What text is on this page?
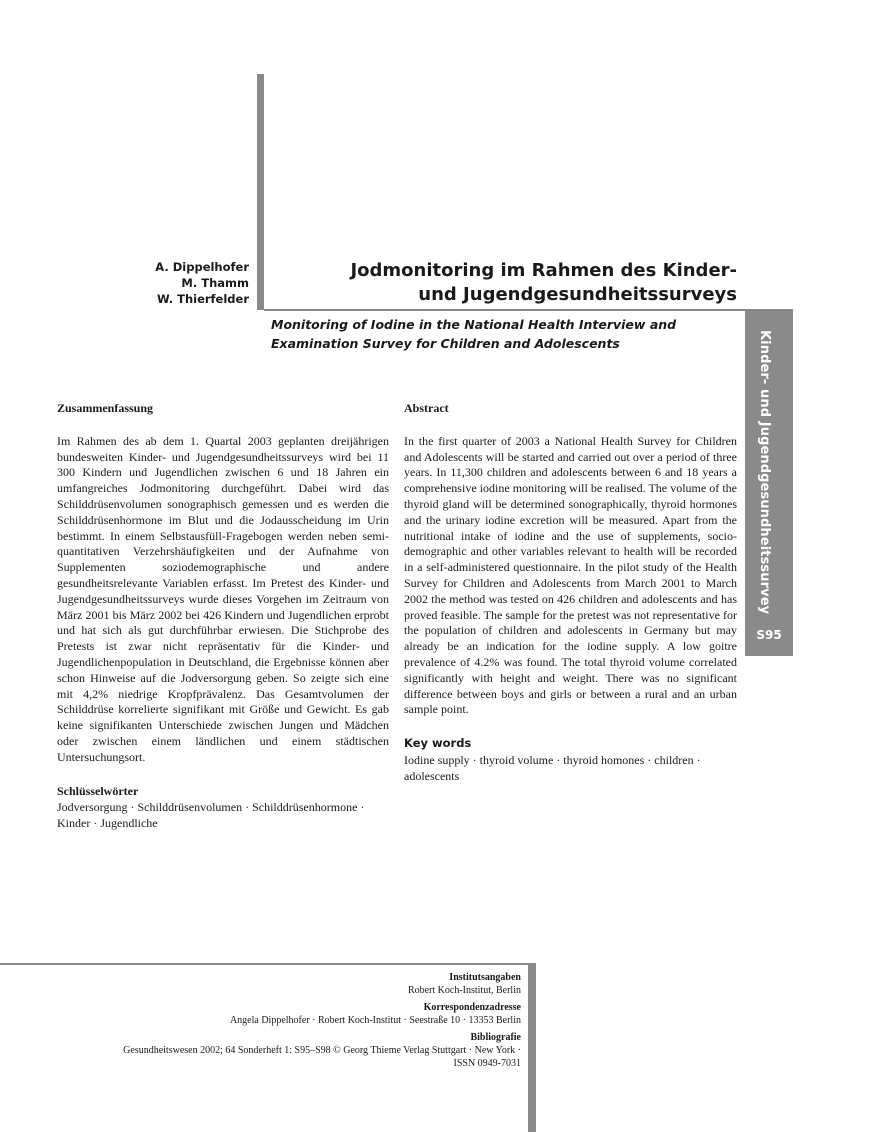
Kinder- und Jugendgesundheitssurvey
S95
A. Dippelhofer
M. Thamm
W. Thierfelder
Jodmonitoring im Rahmen des Kinder-
und Jugendgesundheitssurveys
Monitoring of Iodine in the National Health Interview and Examination Survey for Children and Adolescents
Zusammenfassung

Im Rahmen des ab dem 1. Quartal 2003 geplanten dreijährigen bundesweiten Kinder- und Jugendgesundheitssurveys wird bei 11 300 Kindern und Jugendlichen zwischen 6 und 18 Jahren ein umfangreiches Jodmonitoring durchgeführt. Dabei wird das Schilddrüsenvolumen sonographisch gemessen und es werden die Schilddrüsenhormone im Blut und die Jodausscheidung im Urin bestimmt. In einem Selbstausfüll-Fragebogen werden neben semi-quantitativen Verzehrshäufigkeiten und der Aufnahme von Supplementen soziodemographische und andere gesundheitsrelevante Variablen erfasst. Im Pretest des Kinder- und Jugendgesundheitssurveys wurde dieses Vorgehen im Zeitraum von März 2001 bis März 2002 bei 426 Kindern und Jugendlichen erprobt und hat sich als gut durchführbar erwiesen. Die Stichprobe des Pretests ist zwar nicht repräsentativ für die Kinder- und Jugendlichenpopulation in Deutschland, die Ergebnisse können aber schon Hinweise auf die Jodversorgung geben. So zeigte sich eine mit 4,2% niedrige Kropfprävalenz. Das Gesamtvolumen der Schilddrüse korrelierte signifikant mit Größe und Gewicht. Es gab keine signifikanten Unterschiede zwischen Jungen und Mädchen oder zwischen einem ländlichen und einem städtischen Untersuchungsort.

Schlüsselwörter

Jodversorgung · Schilddrüsenvolumen · Schilddrüsenhormone · Kinder · Jugendliche

Abstract

In the first quarter of 2003 a National Health Survey for Children and Adolescents will be started and carried out over a period of three years. In 11,300 children and adolescents between 6 and 18 years a comprehensive iodine monitoring will be realised. The volume of the thyroid gland will be determined sonographically, thyroid hormones and the urinary iodine excretion will be measured. Apart from the nutritional intake of iodine and the use of supplements, socio-demographic and other variables relevant to health will be recorded in a self-administered questionnaire. In the pilot study of the Health Survey for Children and Adolescents from March 2001 to March 2002 the method was tested on 426 children and adolescents and has proved feasible. The sample for the pretest was not representative for the population of children and adolescents in Germany but may already be an indication for the iodine supply. A low goitre prevalence of 4.2% was found. The total thyroid volume correlated significantly with height and weight. There was no significant difference between boys and girls or between a rural and an urban sample point.

Key words

Iodine supply · thyroid volume · thyroid homones · children · adolescents

Institutsangaben
Robert Koch-Institut, Berlin
Korrespondenzadresse
Angela Dippelhofer · Robert Koch-Institut · Seestraße 10 · 13353 Berlin
Bibliografie
Gesundheitswesen 2002; 64 Sonderheft 1: S95–S98 © Georg Thieme Verlag Stuttgart · New York ·
ISSN 0949-7031
